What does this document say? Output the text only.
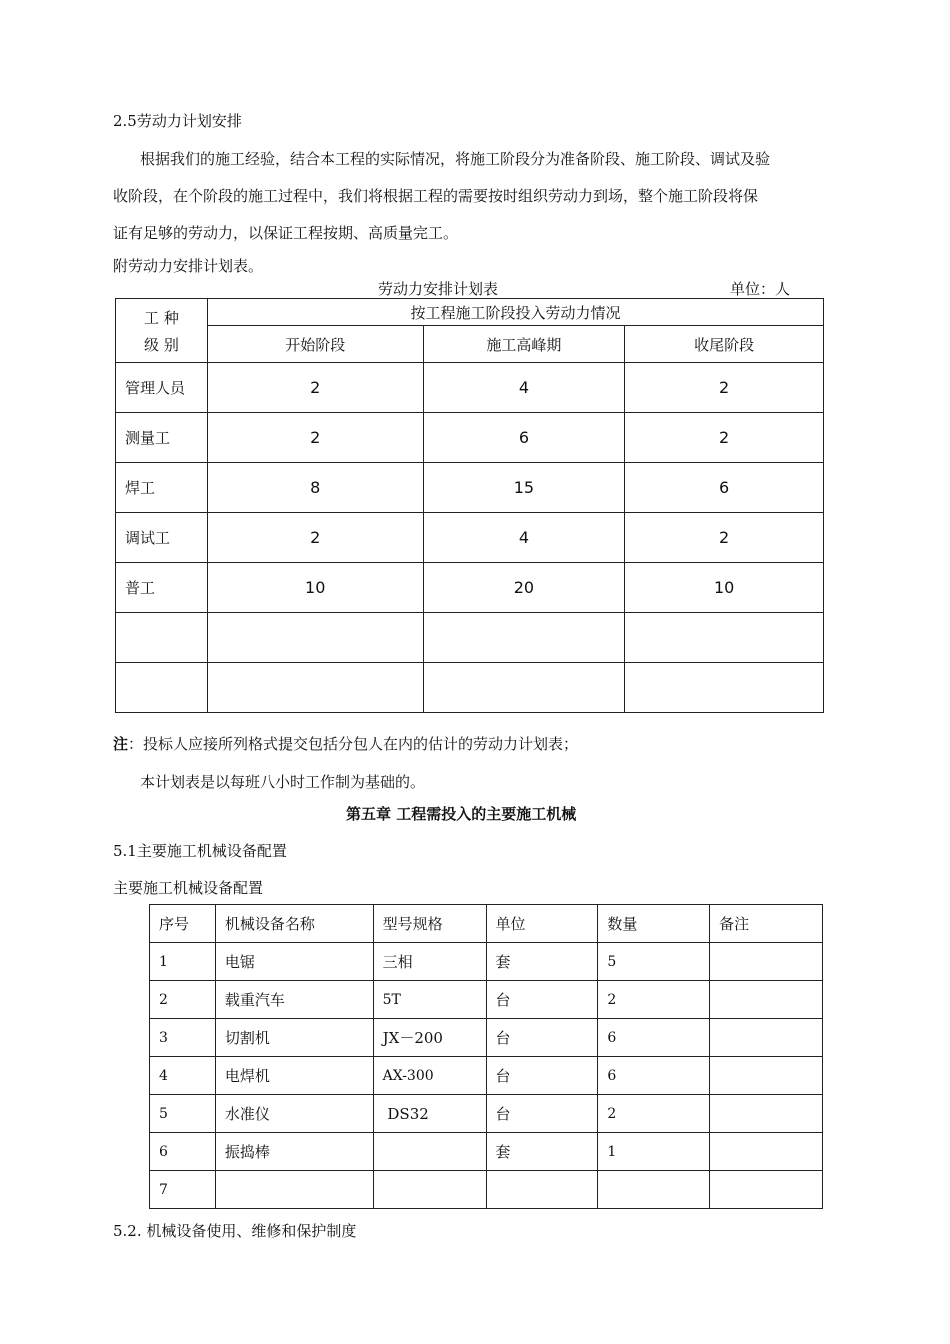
2.5劳动力计划安排
根据我们的施工经验，结合本工程的实际情况，将施工阶段分为准备阶段、施工阶段、调试及验
收阶段，在个阶段的施工过程中，我们将根据工程的需要按时组织劳动力到场，整个施工阶段将保
证有足够的劳动力，以保证工程按期、高质量完工。
附劳动力安排计划表。
劳动力安排计划表	单位：人
工 种
级 别	按工程施工阶段投入劳动力情况		
	开始阶段	施工高峰期	收尾阶段
管理人员	2	4	2
测量工	2	6	2
焊工	8	15	6
调试工	2	4	2
普工	10	20	10

注：投标人应接所列格式提交包括分包人在内的估计的劳动力计划表；
本计划表是以每班八小时工作制为基础的。
第五章 工程需投入的主要施工机械
5.1主要施工机械设备配置
主要施工机械设备配置
序号	机械设备名称	型号规格	单位	数量	备注
1	电锯	三相	套	5	
2	载重汽车	5T	台	2	
3	切割机	JX－200	台	6	
4	电焊机	AX-300	台	6	
5	水准仪	DS32	台	2	
6	振捣棒		套	1	
7					
5.2. 机械设备使用、维修和保护制度
